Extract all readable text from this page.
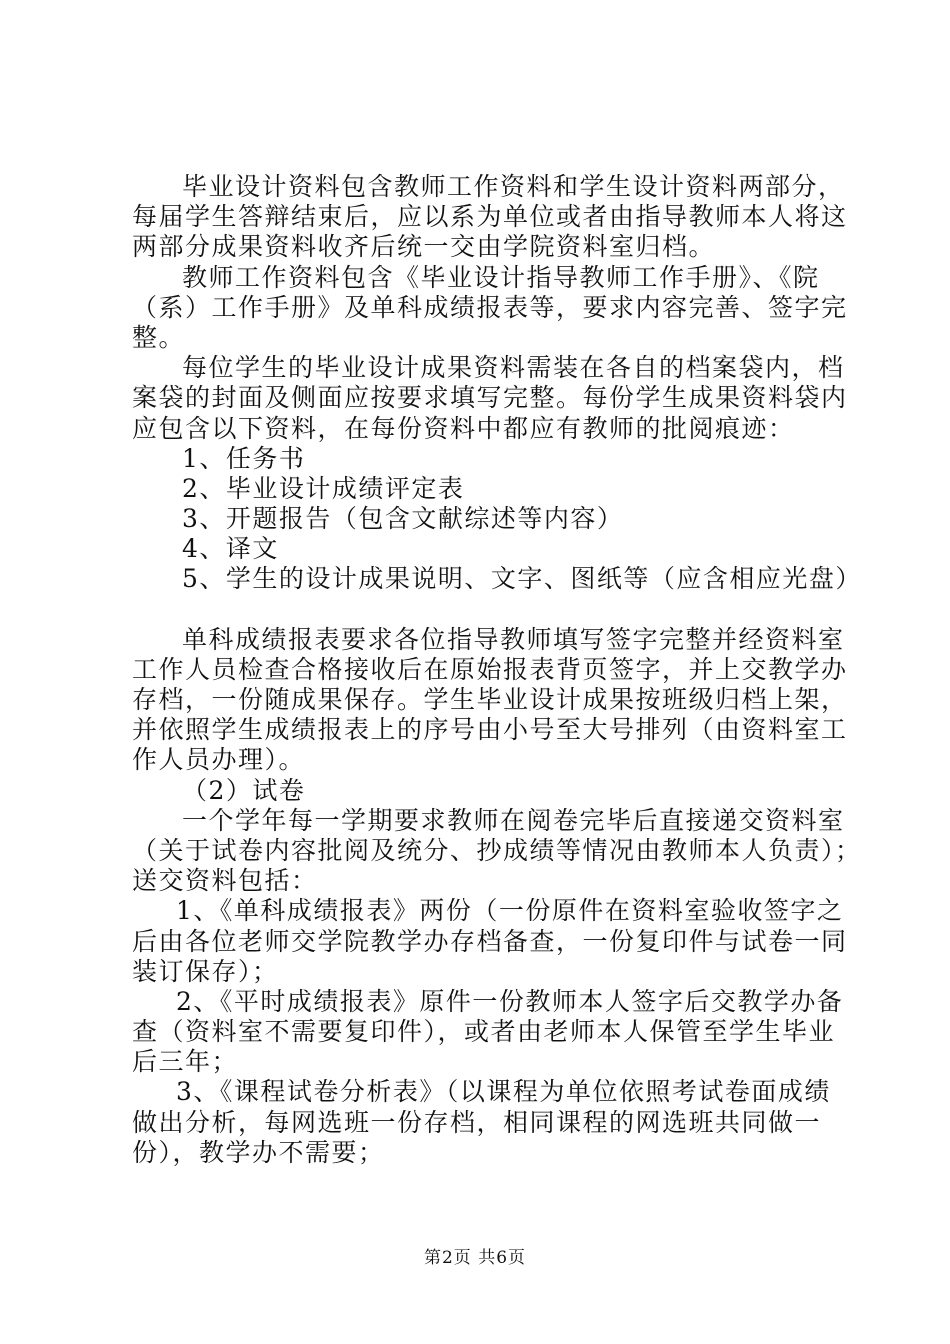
毕业设计资料包含教师工作资料和学生设计资料两部分，
每届学生答辩结束后，应以系为单位或者由指导教师本人将这
两部分成果资料收齐后统一交由学院资料室归档。
教师工作资料包含《毕业设计指导教师工作手册》、《院
（系）工作手册》及单科成绩报表等，要求内容完善、签字完
整。
每位学生的毕业设计成果资料需装在各自的档案袋内，档
案袋的封面及侧面应按要求填写完整。每份学生成果资料袋内
应包含以下资料，在每份资料中都应有教师的批阅痕迹：
1、任务书
2、毕业设计成绩评定表
3、开题报告（包含文献综述等内容）
4、译文
5、学生的设计成果说明、文字、图纸等（应含相应光盘）
单科成绩报表要求各位指导教师填写签字完整并经资料室
工作人员检查合格接收后在原始报表背页签字，并上交教学办
存档，一份随成果保存。学生毕业设计成果按班级归档上架，
并依照学生成绩报表上的序号由小号至大号排列（由资料室工
作人员办理）。
（2）试卷
一个学年每一学期要求教师在阅卷完毕后直接递交资料室
（关于试卷内容批阅及统分、抄成绩等情况由教师本人负责）；
送交资料包括：
1、《单科成绩报表》两份（一份原件在资料室验收签字之
后由各位老师交学院教学办存档备查，一份复印件与试卷一同
装订保存）；
2、《平时成绩报表》原件一份教师本人签字后交教学办备
查（资料室不需要复印件），或者由老师本人保管至学生毕业
后三年；
3、《课程试卷分析表》（以课程为单位依照考试卷面成绩
做出分析，每网选班一份存档，相同课程的网选班共同做一
份），教学办不需要；
第2页 共6页
